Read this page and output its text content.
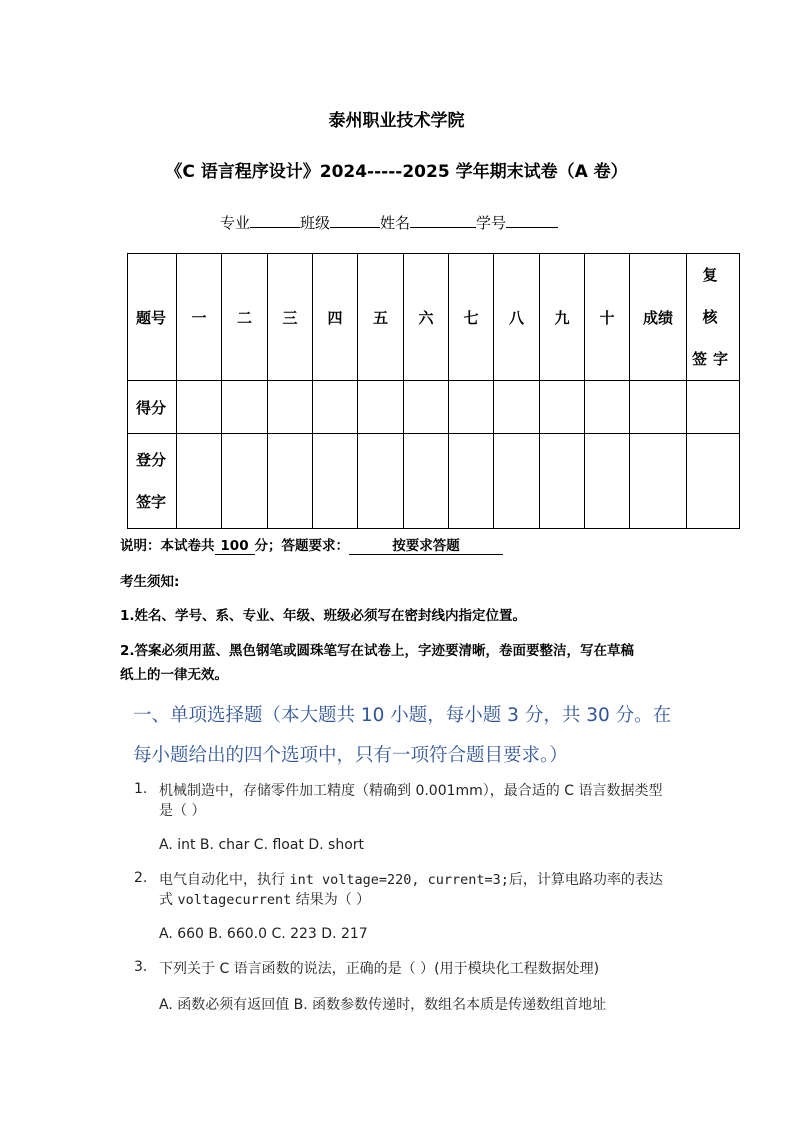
泰州职业技术学院
《C 语言程序设计》2024-----2025 学年期末试卷（A 卷）
专业	班级	姓名	学号
题号	一	二	三	四	五	六	七	八	九	十	成绩	复 核
签字

得分												

登分
签字												

说明：本试卷共 100 分；答题要求：	按要求答题
考生须知:
1.姓名、学号、系、专业、年级、班级必须写在密封线内指定位置。
2.答案必须用蓝、黑色钢笔或圆珠笔写在试卷上，字迹要清晰，卷面要整洁，写在草稿
纸上的一律无效。
一、单项选择题（本大题共 10 小题，每小题 3 分，共 30 分。在
每小题给出的四个选项中，只有一项符合题目要求。）
1. 机械制造中，存储零件加工精度（精确到 0.001mm），最合适的 C 语言数据类型
是（ ）
A. int B. char C. float D. short
2. 电气自动化中，执行 int voltage=220, current=3;后，计算电路功率的表达
式 voltagecurrent 结果为（ ）
A. 660 B. 660.0 C. 223 D. 217
3. 下列关于 C 语言函数的说法，正确的是（ ）(用于模块化工程数据处理)
A. 函数必须有返回值 B. 函数参数传递时，数组名本质是传递数组首地址
